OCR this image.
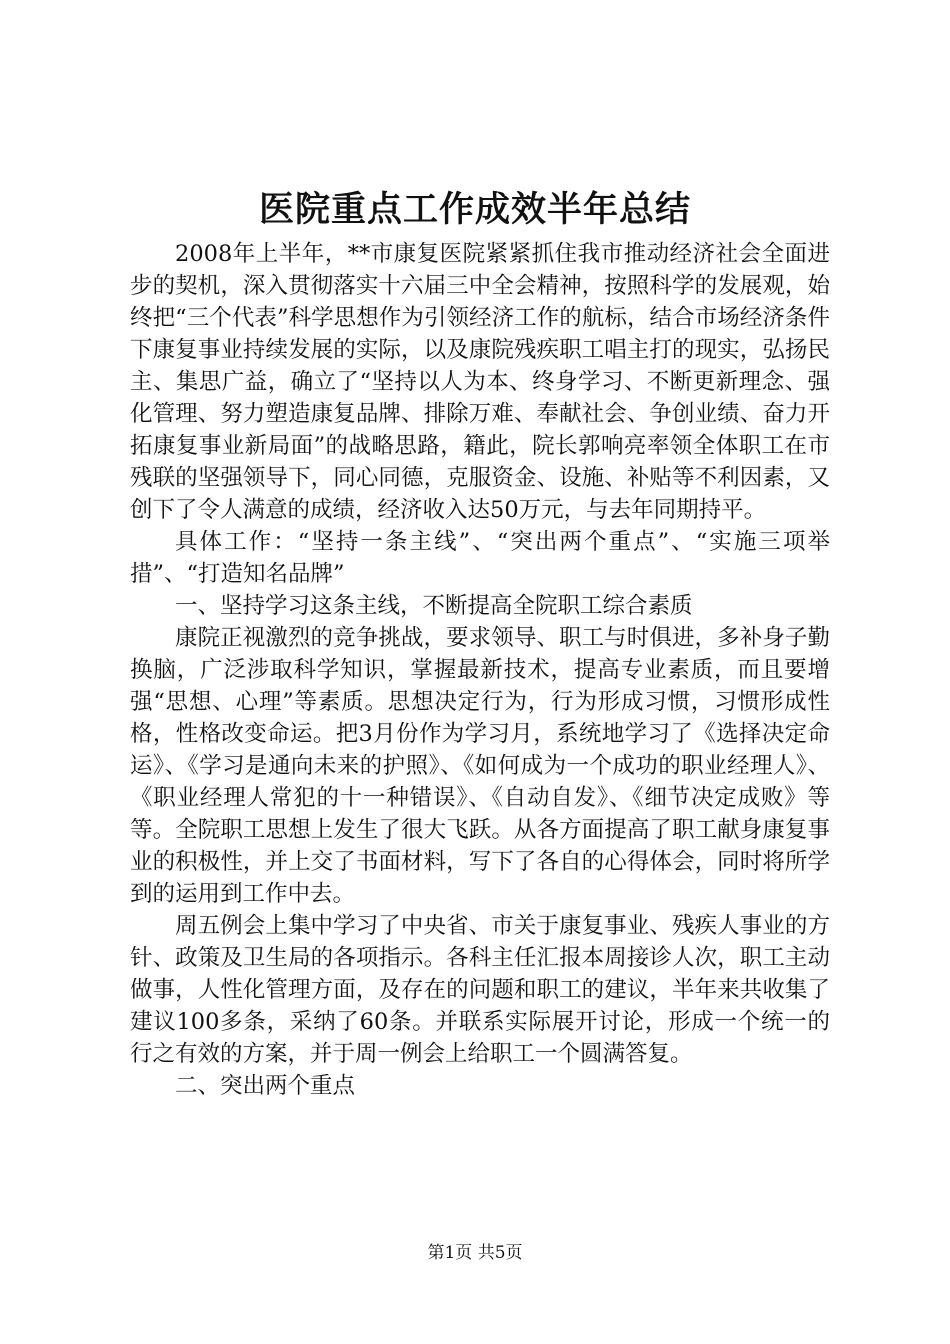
医院重点工作成效半年总结

2008年上半年，**市康复医院紧紧抓住我市推动经济社会全面进步的契机，深入贯彻落实十六届三中全会精神，按照科学的发展观，始终把“三个代表”科学思想作为引领经济工作的航标，结合市场经济条件下康复事业持续发展的实际，以及康院残疾职工唱主打的现实，弘扬民主、集思广益，确立了“坚持以人为本、终身学习、不断更新理念、强化管理、努力塑造康复品牌、排除万难、奉献社会、争创业绩、奋力开拓康复事业新局面”的战略思路，籍此，院长郭响亮率领全体职工在市残联的坚强领导下，同心同德，克服资金、设施、补贴等不利因素，又创下了令人满意的成绩，经济收入达50万元，与去年同期持平。

具体工作：“坚持一条主线”、“突出两个重点”、“实施三项举措”、“打造知名品牌”

一、坚持学习这条主线，不断提高全院职工综合素质

康院正视激烈的竞争挑战，要求领导、职工与时俱进，多补身子勤换脑，广泛涉取科学知识，掌握最新技术，提高专业素质，而且要增强“思想、心理”等素质。思想决定行为，行为形成习惯，习惯形成性格，性格改变命运。把3月份作为学习月，系统地学习了《选择决定命运》、《学习是通向未来的护照》、《如何成为一个成功的职业经理人》、《职业经理人常犯的十一种错误》、《自动自发》、《细节决定成败》等等。全院职工思想上发生了很大飞跃。从各方面提高了职工献身康复事业的积极性，并上交了书面材料，写下了各自的心得体会，同时将所学到的运用到工作中去。

周五例会上集中学习了中央省、市关于康复事业、残疾人事业的方针、政策及卫生局的各项指示。各科主任汇报本周接诊人次，职工主动做事，人性化管理方面，及存在的问题和职工的建议，半年来共收集了建议100多条，采纳了60条。并联系实际展开讨论，形成一个统一的行之有效的方案，并于周一例会上给职工一个圆满答复。

二、突出两个重点

第1页 共5页
